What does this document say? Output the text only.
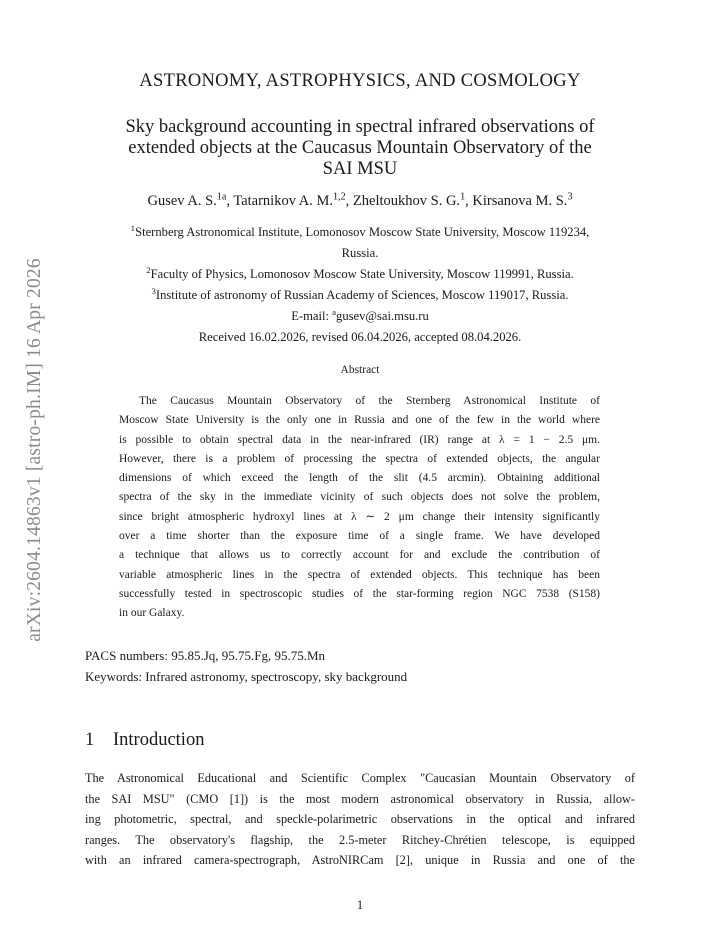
arXiv:2604.14863v1 [astro-ph.IM] 16 Apr 2026
ASTRONOMY, ASTROPHYSICS, AND COSMOLOGY
Sky background accounting in spectral infrared observations of
extended objects at the Caucasus Mountain Observatory of the
SAI MSU
Gusev A. S.$^{1a}$, Tatarnikov A. M.$^{1,2}$, Zheltoukhov S. G.$^1$, Kirsanova M. S.$^3$
$^1$Sternberg Astronomical Institute, Lomonosov Moscow State University, Moscow 119234,
Russia.
$^2$Faculty of Physics, Lomonosov Moscow State University, Moscow 119991, Russia.
$^3$Institute of astronomy of Russian Academy of Sciences, Moscow 119017, Russia.
E-mail: $^a$gusev@sai.msu.ru
Received 16.02.2026, revised 06.04.2026, accepted 08.04.2026.
Abstract
The Caucasus Mountain Observatory of the Sternberg Astronomical Institute of
Moscow State University is the only one in Russia and one of the few in the world where
is possible to obtain spectral data in the near-infrared (IR) range at λ = 1 − 2.5 μm.
However, there is a problem of processing the spectra of extended objects, the angular
dimensions of which exceed the length of the slit (4.5 arcmin). Obtaining additional
spectra of the sky in the immediate vicinity of such objects does not solve the problem,
since bright atmospheric hydroxyl lines at λ ∼ 2 μm change their intensity significantly
over a time shorter than the exposure time of a single frame. We have developed
a technique that allows us to correctly account for and exclude the contribution of
variable atmospheric lines in the spectra of extended objects. This technique has been
successfully tested in spectroscopic studies of the star-forming region NGC 7538 (S158)
in our Galaxy.
PACS numbers: 95.85.Jq, 95.75.Fg, 95.75.Mn
Keywords: Infrared astronomy, spectroscopy, sky background
1 Introduction
The Astronomical Educational and Scientific Complex "Caucasian Mountain Observatory of
the SAI MSU" (CMO [1]) is the most modern astronomical observatory in Russia, allow-
ing photometric, spectral, and speckle-polarimetric observations in the optical and infrared
ranges. The observatory's flagship, the 2.5-meter Ritchey-Chrétien telescope, is equipped
with an infrared camera-spectrograph, AstroNIRCam [2], unique in Russia and one of the
1
